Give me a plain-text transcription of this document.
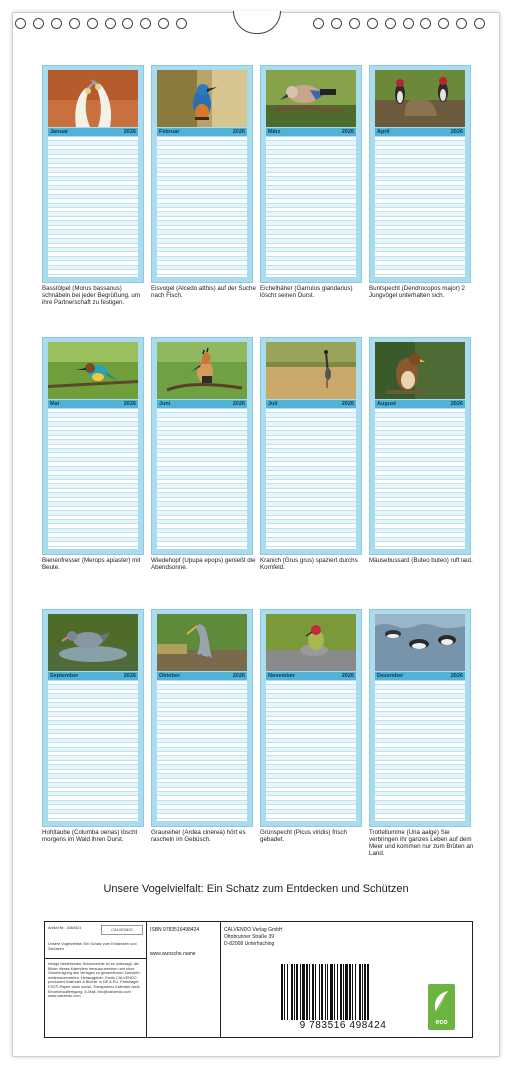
Januar	2026
Basstölpel (Morus bassanus) schnäbeln bei jeder Begrüßung, um ihre Partnerschaft zu festigen.
Februar	2026
Eisvogel (Alcedo atthis) auf der Suche nach Fisch.
März	2026
Eichelhäher (Garrulus glandarius) löscht seinen Durst.
April	2026
Buntspecht (Dendrocopos major) 2 Jungvögel unterhalten sich.
Mai	2026
Bienenfresser (Merops apiaster) mit Beute.
Juni	2026
Wiedehopf (Upupa epops) genießt die Abendsonne.
Juli	2026
Kranich (Grus grus) spaziert durchs Kornfeld.
August	2026
Mäusebussard (Buteo buteo) ruft laut.
September	2026
Hohltaube (Columba oenas) löscht morgens im Wald ihren Durst.
Oktober	2026
Graureiher (Ardea cinerea) hört es rascheln im Gebüsch.
November	2026
Grünspecht (Picus viridis) frisch gebadet.
Dezember	2026
Trottellumme (Uria aalge) Sie verbringen ihr ganzes Leben auf dem Meer und kommen nur zum Brüten an Land.
Unsere Vogelvielfalt: Ein Schatz zum Entdecken und Schützen
Artikel Nr.: 2084921	CALVENDO
Unsere Vogelvielfalt: Ein Schatz zum Entdecken und Schützen
Infolge bestehender Schutzrechte ist es untersagt, die Bilder dieses Kalenders herauszutrennen und ohne Genehmigung des Verlages zu gewerblichen Zwecken weiterzuverwerten. Herausgeber: Dmitri CALVENDO produziert Kalender & Bücher in DE & EU. Preisträger FSC®-Papier dank sozial- Transparenz Kalender dank Einzeldruckfertigung. E-Mail: info@calvendo.com · www.calvendo.com
ISBN 9783516498424
www.wunsche.name
CALVENDO Verlag GmbH
Ottobrunner Straße 39
D-82008 Unterhaching
9 783516 498424	eco
